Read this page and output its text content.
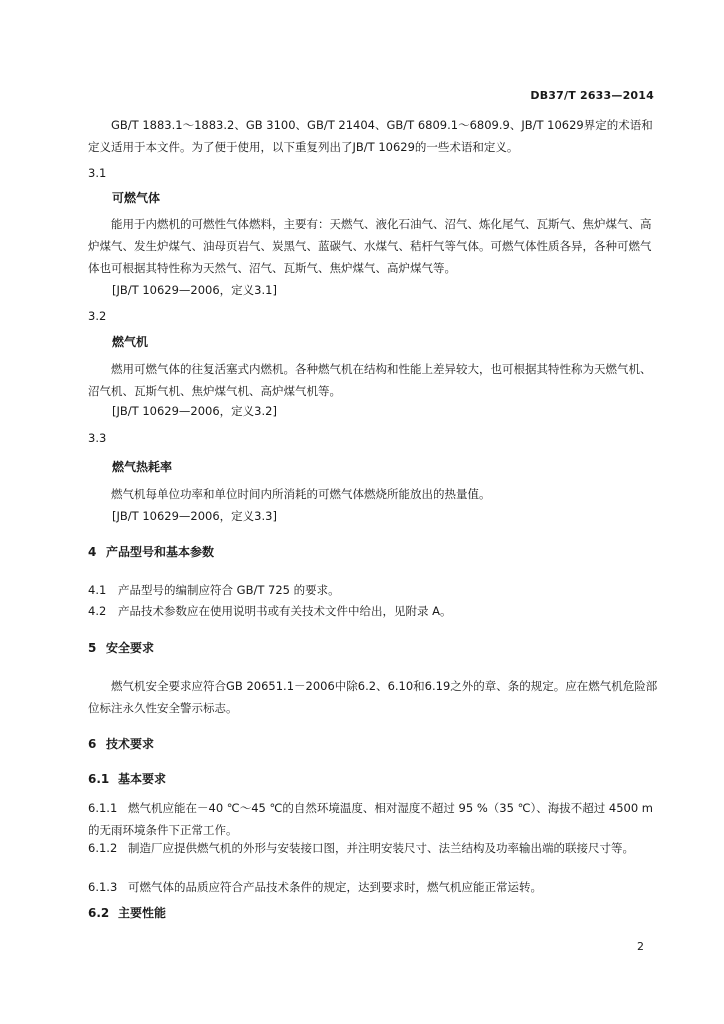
DB37/T 2633—2014

GB/T 1883.1～1883.2、GB 3100、GB/T 21404、GB/T 6809.1～6809.9、JB/T 10629界定的术语和定义适用于本文件。为了便于使用，以下重复列出了JB/T 10629的一些术语和定义。

3.1
可燃气体

能用于内燃机的可燃性气体燃料，主要有：天燃气、液化石油气、沼气、炼化尾气、瓦斯气、焦炉煤气、高炉煤气、发生炉煤气、油母页岩气、炭黑气、蓝碳气、水煤气、秸杆气等气体。可燃气体性质各异，各种可燃气体也可根据其特性称为天然气、沼气、瓦斯气、焦炉煤气、高炉煤气等。

[JB/T 10629—2006，定义3.1]
3.2
燃气机

燃用可燃气体的往复活塞式内燃机。各种燃气机在结构和性能上差异较大，也可根据其特性称为天燃气机、沼气机、瓦斯气机、焦炉煤气机、高炉煤气机等。

[JB/T 10629—2006，定义3.2]
3.3
燃气热耗率

燃气机每单位功率和单位时间内所消耗的可燃气体燃烧所能放出的热量值。

[JB/T 10629—2006，定义3.3]
4 产品型号和基本参数
4.1 产品型号的编制应符合 GB/T 725 的要求。
4.2 产品技术参数应在使用说明书或有关技术文件中给出，见附录 A。
5 安全要求

燃气机安全要求应符合GB 20651.1－2006中除6.2、6.10和6.19之外的章、条的规定。应在燃气机危险部位标注永久性安全警示标志。

6 技术要求
6.1 基本要求
6.1.1 燃气机应能在－40 ℃～45 ℃的自然环境温度、相对湿度不超过 95 %（35 ℃）、海拔不超过 4500 m的无雨环境条件下正常工作。
6.1.2 制造厂应提供燃气机的外形与安装接口图，并注明安装尺寸、法兰结构及功率输出端的联接尺寸等。
6.1.3 可燃气体的品质应符合产品技术条件的规定，达到要求时，燃气机应能正常运转。
6.2 主要性能
2
